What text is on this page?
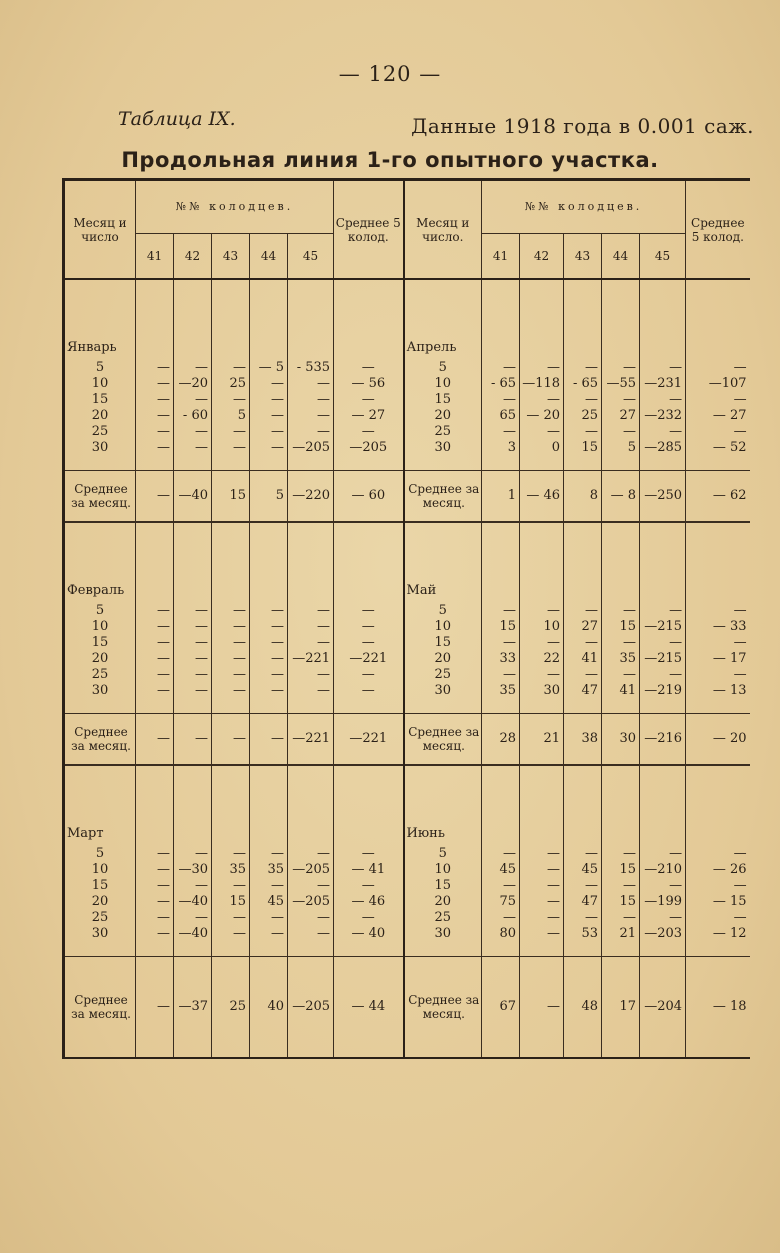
— 120 —
Таблица IX.	Данные 1918 года в 0.001 саж.
Продольная линия 1-го опытного участка.
Месяц и число	№№ колодцев.					Среднее 5 колод.	Месяц и число.	№№ колодцев.					Среднее 5 колод.
	41	42	43	44	45			41	42	43	44	45	
Январь							Апрель						
5	—	—	—	— 5	- 535	—	5	—	—	—	—	—	—
10	—	—20	25	—	—	— 56	10	- 65	—118	- 65	—55	—231	—107
15	—	—	—	—	—	—	15	—	—	—	—	—	—
20	—	- 60	5	—	—	— 27	20	65	— 20	25	27	—232	— 27
25	—	—	—	—	—	—	25	—	—	—	—	—	—
30	—	—	—	—	—205	—205	30	3	0	15	5	—285	— 52
Среднее за месяц.	—	—40	15	5	—220	— 60	Среднее за месяц.	1	— 46	8	— 8	—250	— 62
Февраль							Май						
5	—	—	—	—	—	—	5	—	—	—	—	—	—
10	—	—	—	—	—	—	10	15	10	27	15	—215	— 33
15	—	—	—	—	—	—	15	—	—	—	—	—	—
20	—	—	—	—	—221	—221	20	33	22	41	35	—215	— 17
25	—	—	—	—	—	—	25	—	—	—	—	—	—
30	—	—	—	—	—	—	30	35	30	47	41	—219	— 13
Среднее за месяц.	—	—	—	—	—221	—221	Среднее за месяц.	28	21	38	30	—216	— 20
Март							Июнь						
5	—	—	—	—	—	—	5	—	—	—	—	—	—
10	—	—30	35	35	—205	— 41	10	45	—	45	15	—210	— 26
15	—	—	—	—	—	—	15	—	—	—	—	—	—
20	—	—40	15	45	—205	— 46	20	75	—	47	15	—199	— 15
25	—	—	—	—	—	—	25	—	—	—	—	—	—
30	—	—40	—	—	—	— 40	30	80	—	53	21	—203	— 12
Среднее за месяц.	—	—37	25	40	—205	— 44	Среднее за месяц.	67	—	48	17	—204	— 18
